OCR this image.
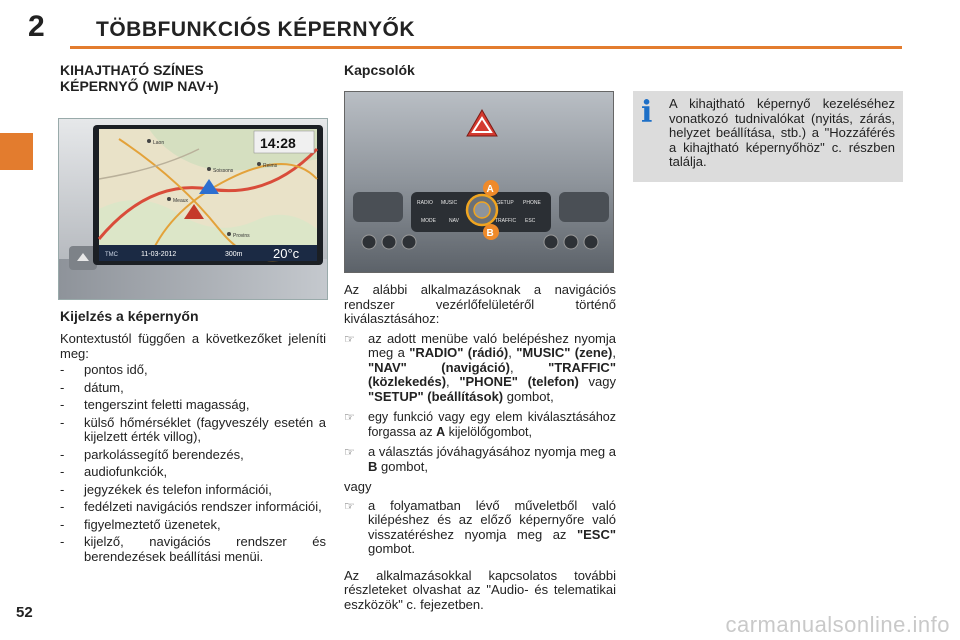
2 TÖBBFUNKCIÓS KÉPERNYŐK
KIHAJTHATÓ SZÍNES
KÉPERNYŐ (WIP NAV+)
Laon
Soissons
Reims
Meaux
Provins
14:28
TMC	11-03-2012	300m 20°c
Kijelzés a képernyőn
Kontextustól függően a következőket jeleníti meg:
- pontos idő,
- dátum,
- tengerszint feletti magasság,
- külső hőmérséklet (fagyveszély esetén a kijelzett érték villog),
- parkolássegítő berendezés,
- audiofunkciók,
- jegyzékek és telefon információi,
- fedélzeti navigációs rendszer információi,
- figyelmeztető üzenetek,
- kijelző, navigációs rendszer és berendezések beállítási menüi.
Kapcsolók
RADIO MUSIC	SETUP PHONE
MODE	NAV	TRAFFIC ESC
A
B
Az alábbi alkalmazásoknak a navigációs rendszer vezérlőfelületéről történő kiválasztásához:
☞ az adott menübe való belépéshez nyomja meg a "RADIO" (rádió), "MUSIC" (zene), "NAV" (navigáció), "TRAFFIC" (közlekedés), "PHONE" (telefon) vagy "SETUP" (beállítások) gombot,
☞ egy funkció vagy egy elem kiválasztásához forgassa az A kijelölőgombot,
☞ a választás jóváhagyásához nyomja meg a B gombot,
vagy
☞ a folyamatban lévő műveletből való kilépéshez és az előző képernyőre való visszatéréshez nyomja meg az "ESC" gombot.
Az alkalmazásokkal kapcsolatos további részleteket olvashat az "Audio- és telematikai eszközök" c. fejezetben.
i A kihajtható képernyő kezeléséhez vonatkozó tudnivalókat (nyitás, zárás, helyzet beállítása, stb.) a "Hozzáférés a kihajtható képernyőhöz" c. részben találja.
52	carmanualsonline.info
